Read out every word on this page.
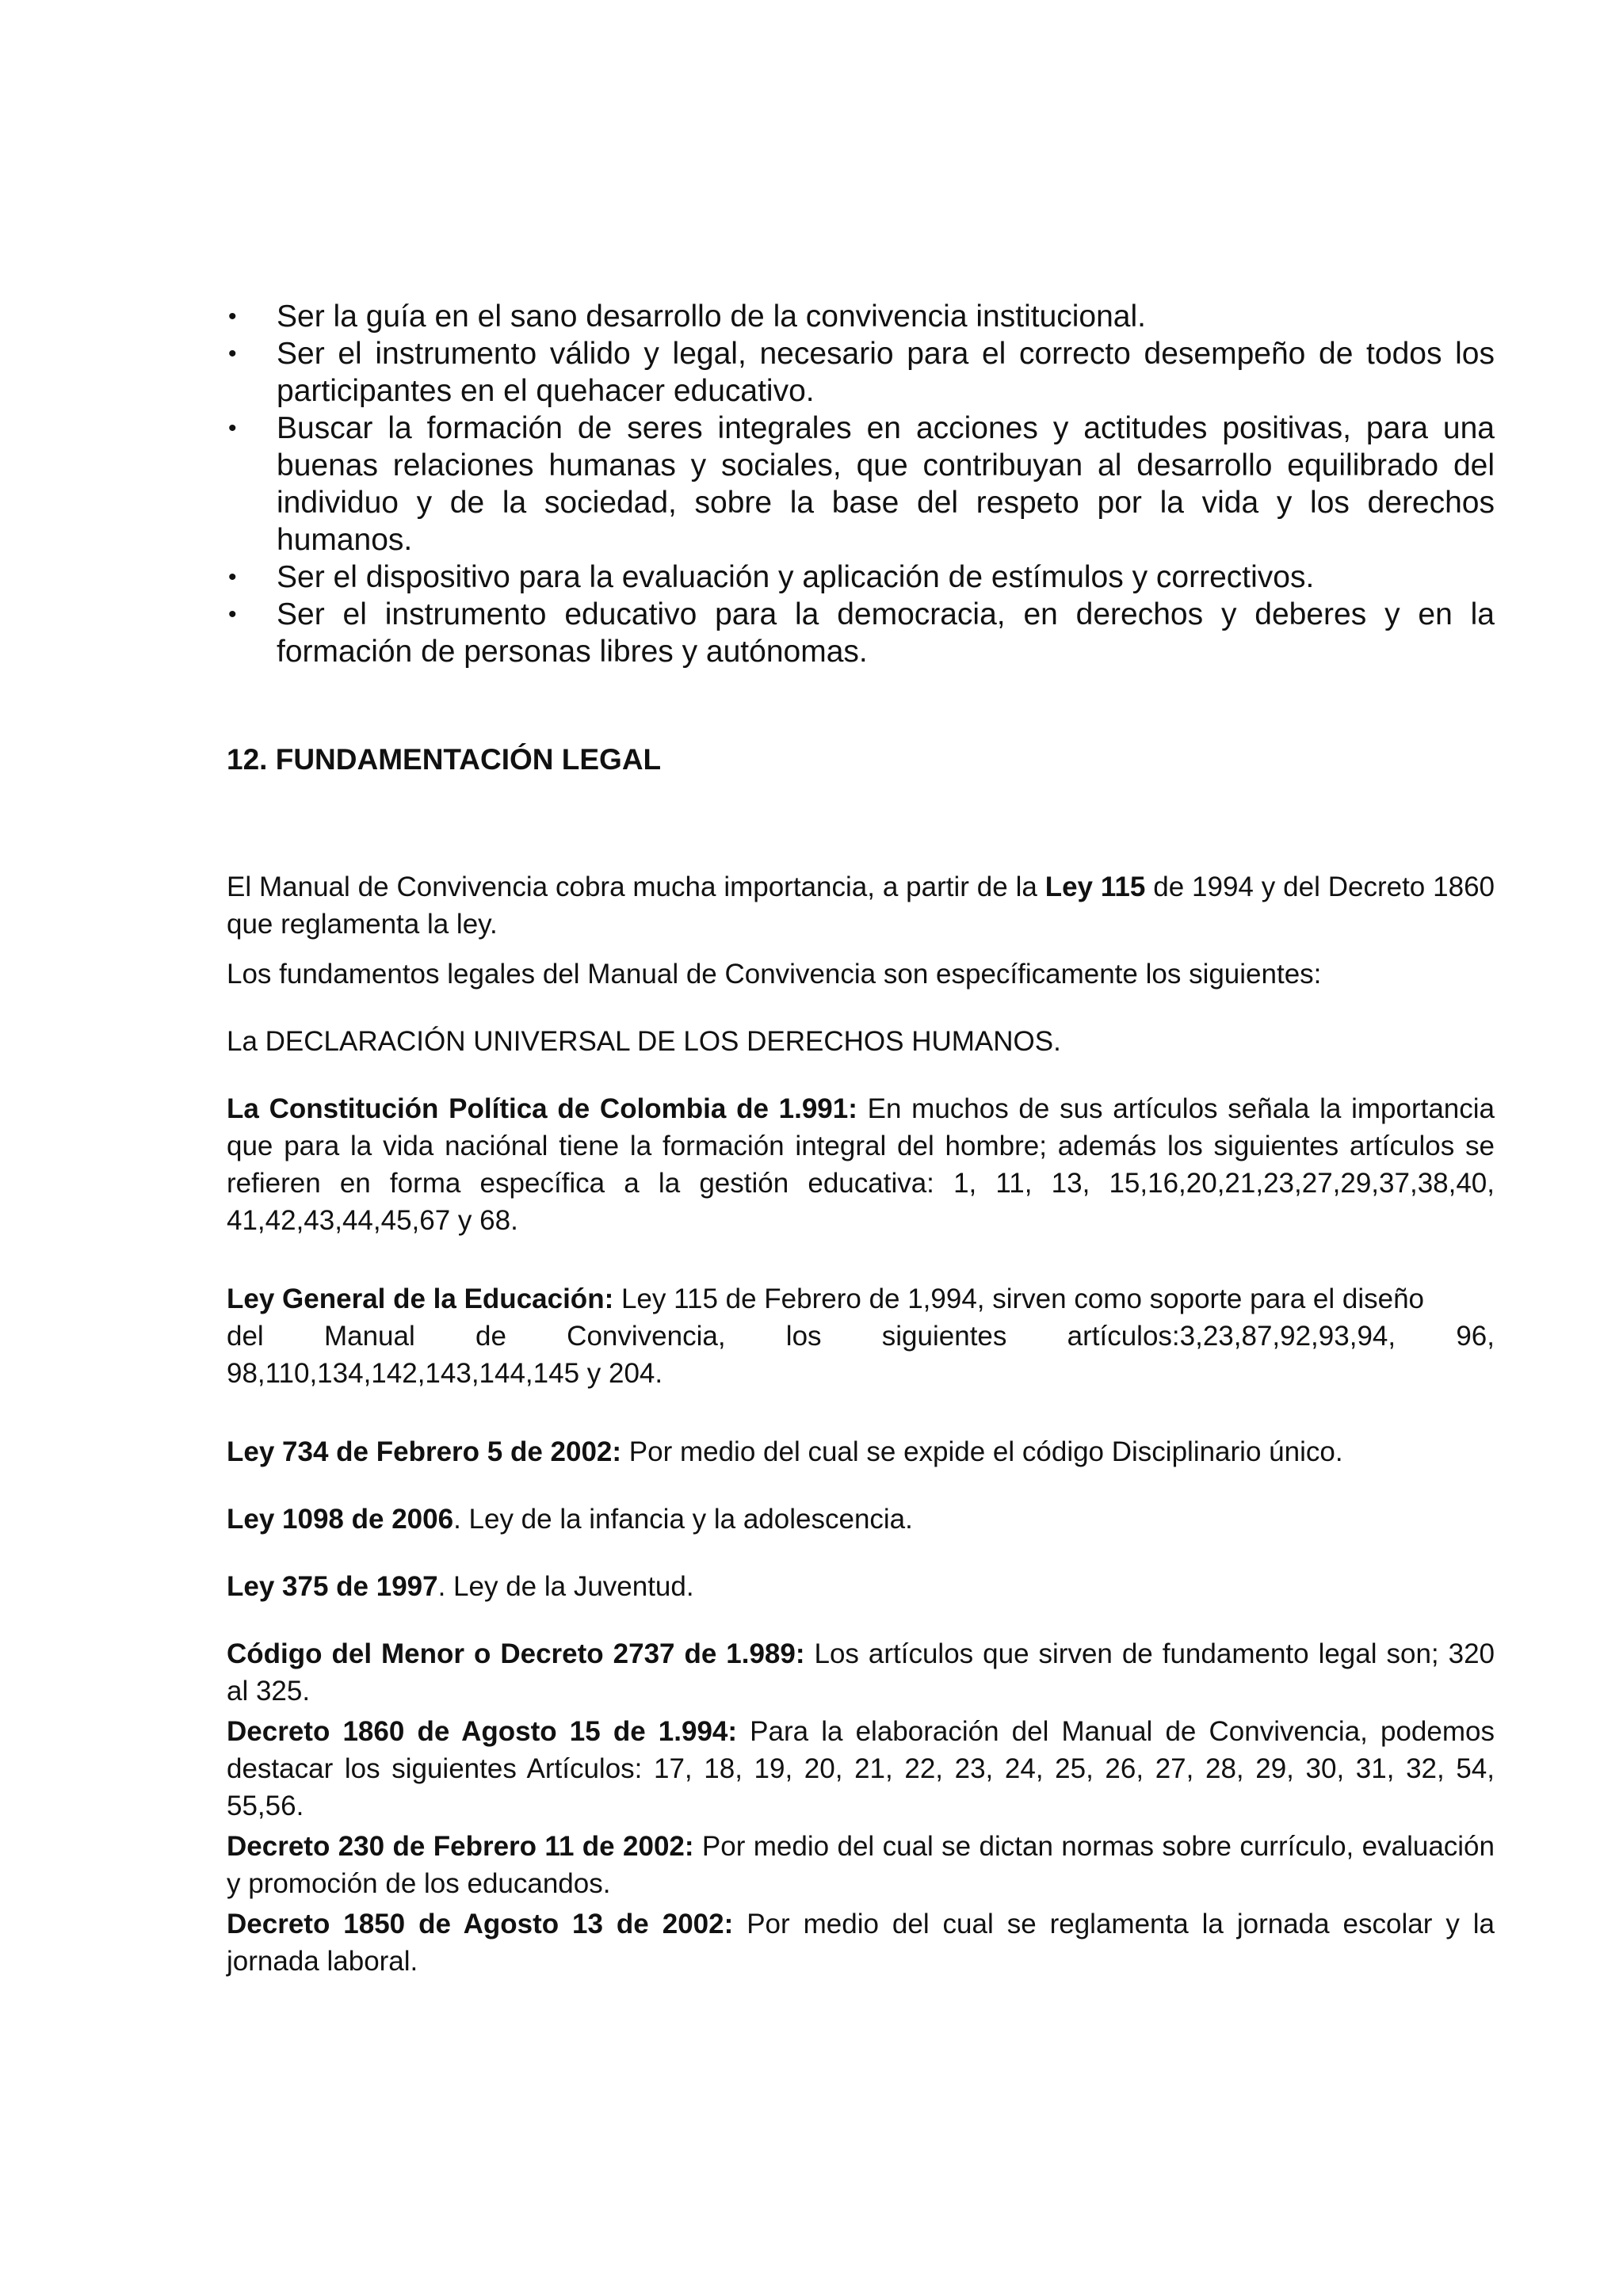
•	Ser la guía en el sano desarrollo de la convivencia institucional.
•	Ser el instrumento válido y legal, necesario para el correcto desempeño de todos los participantes en el quehacer educativo.
•	Buscar la formación de seres integrales en acciones y actitudes positivas, para una buenas relaciones humanas y sociales, que contribuyan al desarrollo equilibrado del individuo y de la sociedad, sobre la base del respeto por la vida y los derechos humanos.
•	Ser el dispositivo para la evaluación y aplicación de estímulos y correctivos.
•	Ser el instrumento educativo para la democracia, en derechos y deberes y en la formación de personas libres y autónomas.
12. FUNDAMENTACIÓN LEGAL

El Manual de Convivencia cobra mucha importancia, a partir de la Ley 115 de 1994 y del Decreto 1860 que reglamenta la ley.

Los fundamentos legales del Manual de Convivencia son específicamente los siguientes:

La DECLARACIÓN UNIVERSAL DE LOS DERECHOS HUMANOS.

La Constitución Política de Colombia de 1.991: En muchos de sus artículos señala la importancia que para la vida naciónal tiene la formación integral del hombre; además los siguientes artículos se refieren en forma específica a la gestión educativa: 1, 11, 13, 15,16,20,21,23,27,29,37,38,40, 41,42,43,44,45,67 y 68.

Ley General de la Educación: Ley 115 de Febrero de 1,994, sirven como soporte para el diseño
del Manual de Convivencia, los siguientes artículos:3,23,87,92,93,94, 96,
98,110,134,142,143,144,145 y 204.

Ley 734 de Febrero 5 de 2002: Por medio del cual se expide el código Disciplinario único.

Ley 1098 de 2006. Ley de la infancia y la adolescencia.

Ley 375 de 1997. Ley de la Juventud.

Código del Menor o Decreto 2737 de 1.989: Los artículos que sirven de fundamento legal son; 320 al 325.

Decreto 1860 de Agosto 15 de 1.994: Para la elaboración del Manual de Convivencia, podemos destacar los siguientes Artículos: 17, 18, 19, 20, 21, 22, 23, 24, 25, 26, 27, 28, 29, 30, 31, 32, 54, 55,56.

Decreto 230 de Febrero 11 de 2002: Por medio del cual se dictan normas sobre currículo, evaluación y promoción de los educandos.

Decreto 1850 de Agosto 13 de 2002: Por medio del cual se reglamenta la jornada escolar y la jornada laboral.
